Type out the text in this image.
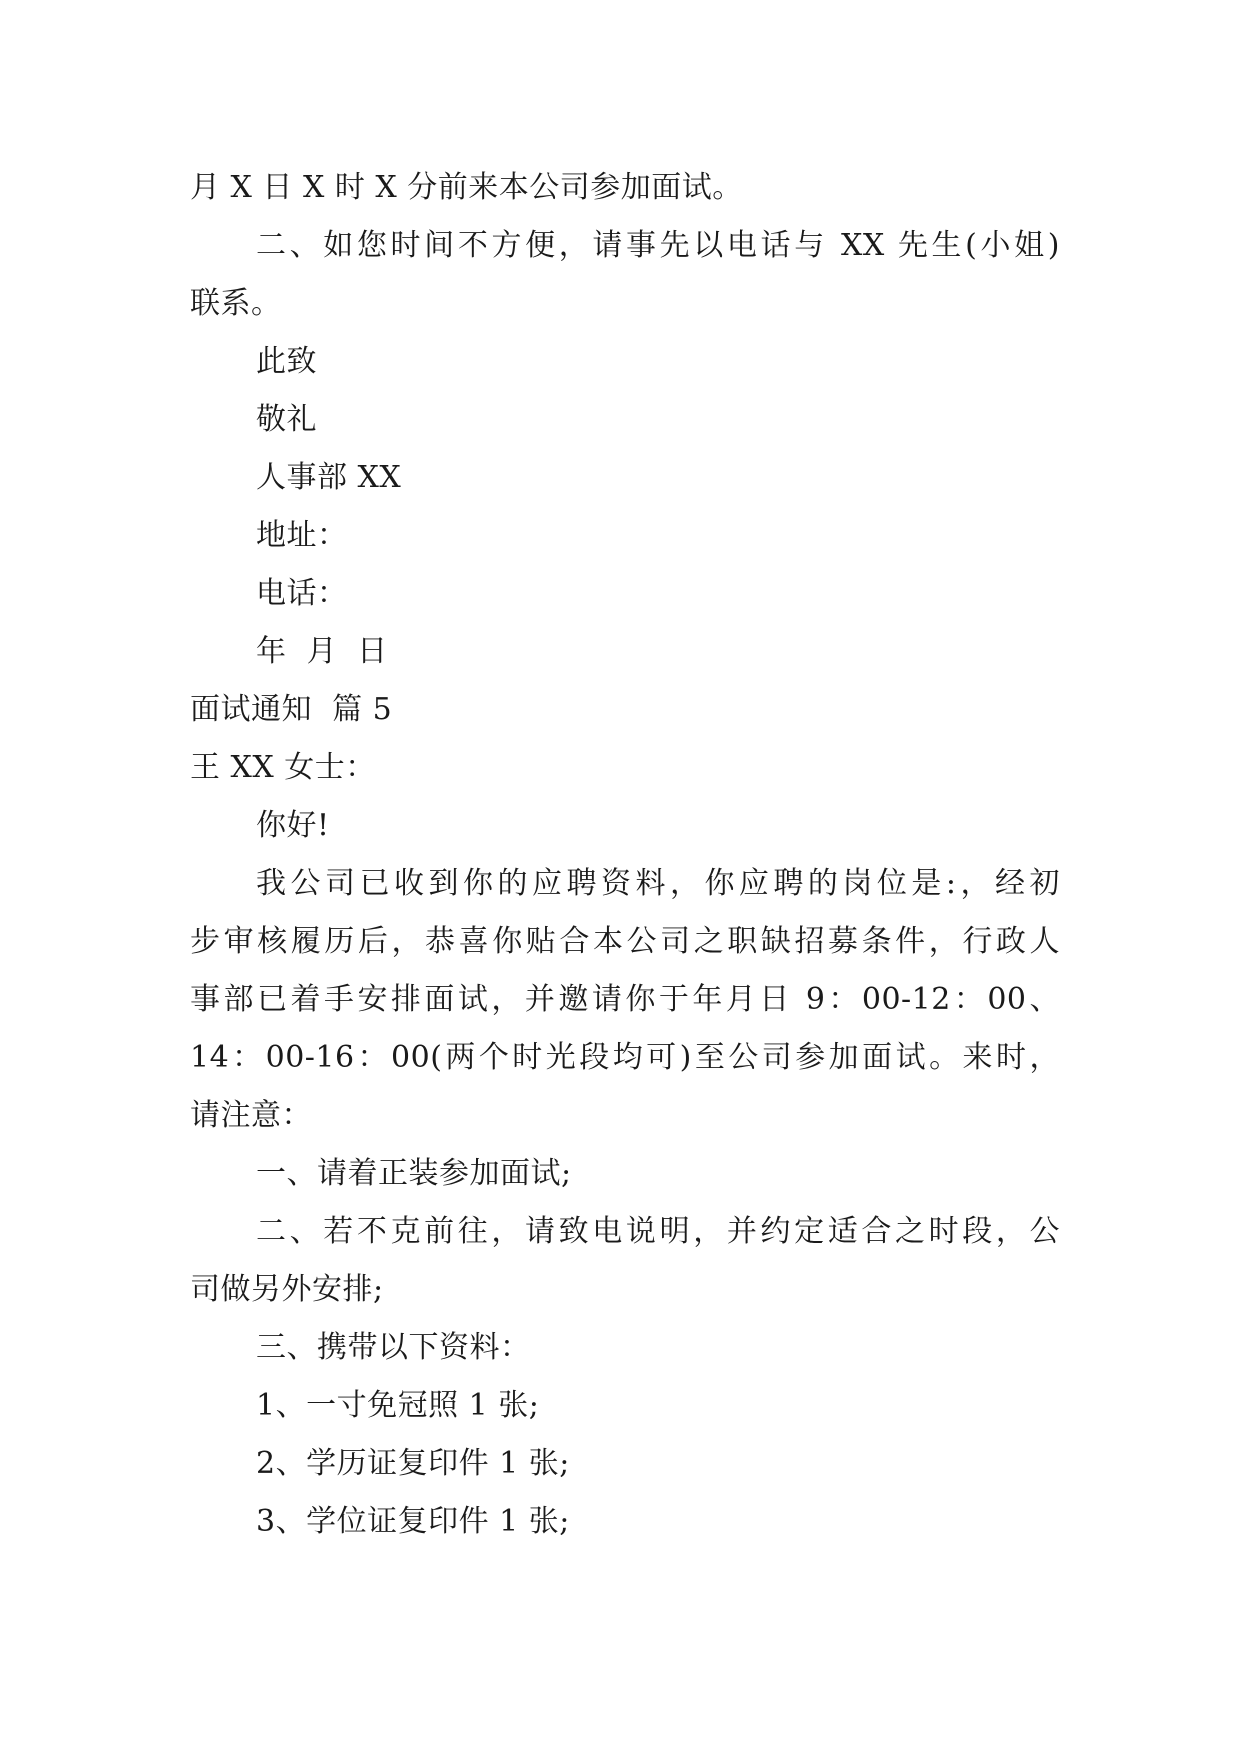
月 X 日 X 时 X 分前来本公司参加面试。
二、如您时间不方便，请事先以电话与 XX 先生(小姐)
联系。
此致
敬礼
人事部 XX
地址：
电话：
年  月  日
面试通知  篇 5
王 XX 女士：
你好!
我公司已收到你的应聘资料，你应聘的岗位是:，经初
步审核履历后，恭喜你贴合本公司之职缺招募条件，行政人
事部已着手安排面试，并邀请你于年月日 9：00-12：00、
14：00-16：00(两个时光段均可)至公司参加面试。来时，
请注意：
一、请着正装参加面试;
二、若不克前往，请致电说明，并约定适合之时段，公
司做另外安排;
三、携带以下资料：
1、一寸免冠照 1 张;
2、学历证复印件 1 张;
3、学位证复印件 1 张;
